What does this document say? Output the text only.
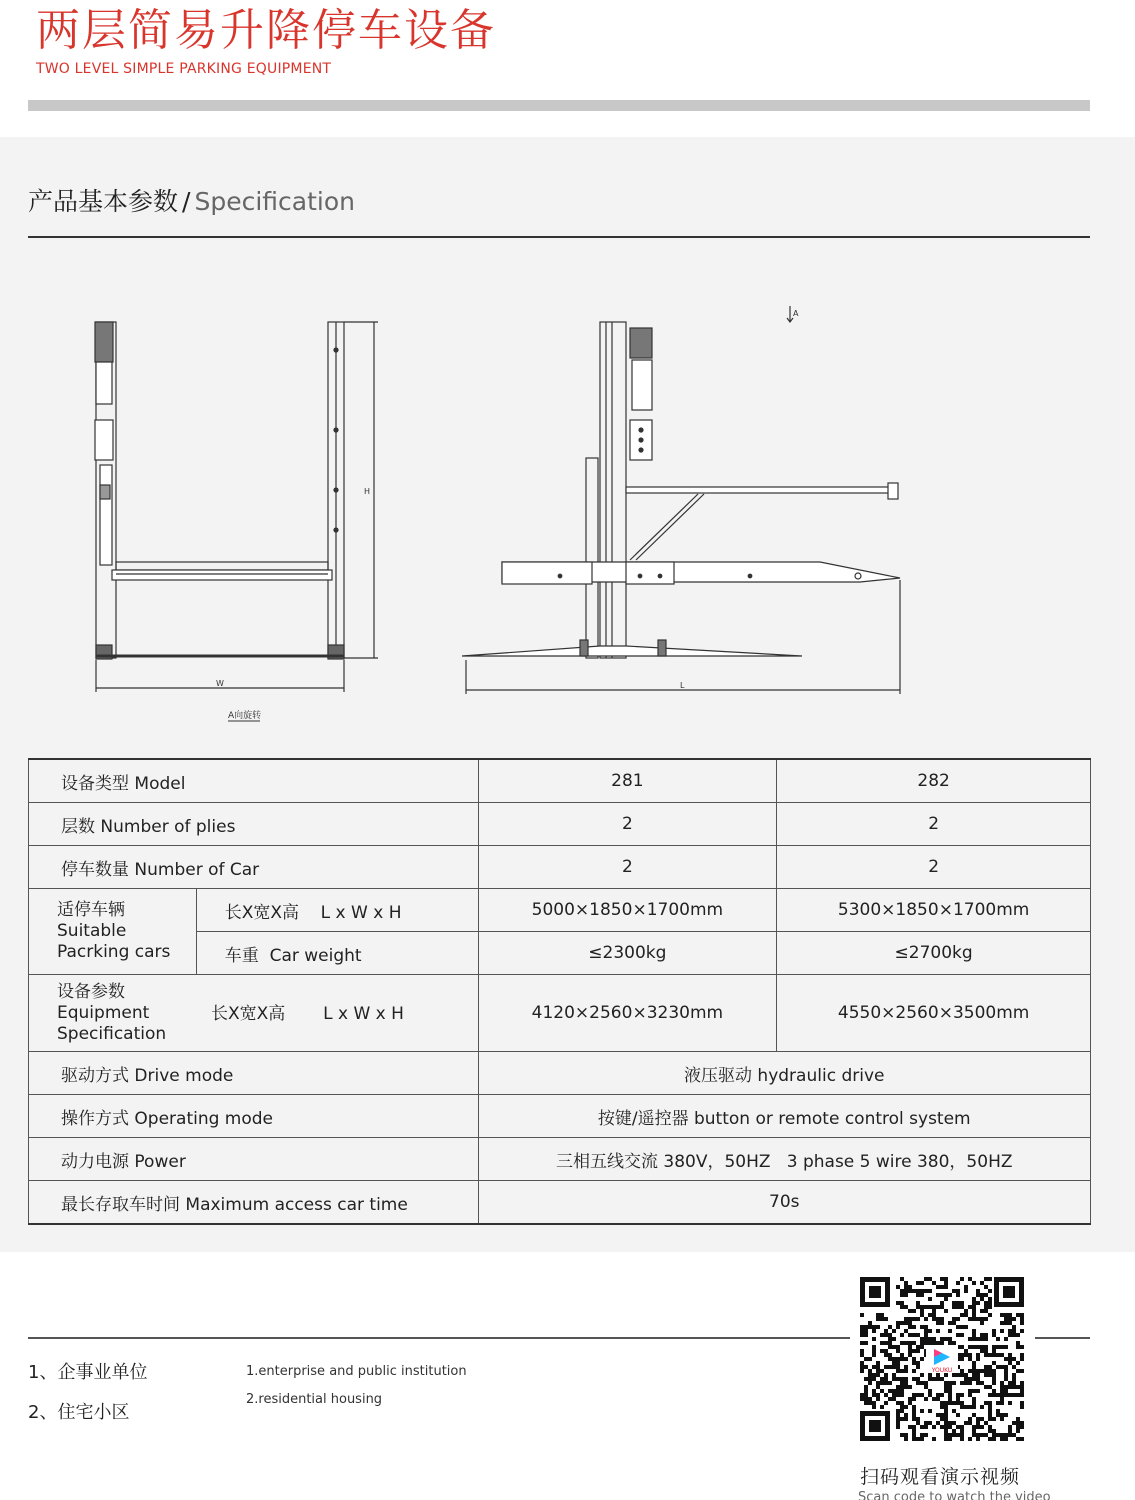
两层简易升降停车设备
TWO LEVEL SIMPLE PARKING EQUIPMENT
产品基本参数 / Specification
W
H
A向旋转
L
A
设备类型 Model		281	282
层数 Number of plies		2	2
停车数量 Number of Car		2	2

适停车辆
Suitable
Pacrking cars	长X宽X高    L x W x H	5000×1850×1700mm	5300×1850×1700mm
	车重  Car weight	≤2300kg	≤2700kg

设备参数
Equipment
Specification
长X宽X高       L x W x H		4120×2560×3230mm	4550×2560×3500mm
驱动方式 Drive mode		液压驱动 hydraulic drive	
操作方式 Operating mode		按键/遥控器 button or remote control system	
动力电源 Power		三相五线交流 380V，50HZ   3 phase 5 wire 380，50HZ	
最长存取车时间 Maximum access car time		70s	
1、企事业单位
2、住宅小区
1.enterprise and public institution
2.residential housing
YOUKU
扫码观看演示视频
Scan code to watch the video
